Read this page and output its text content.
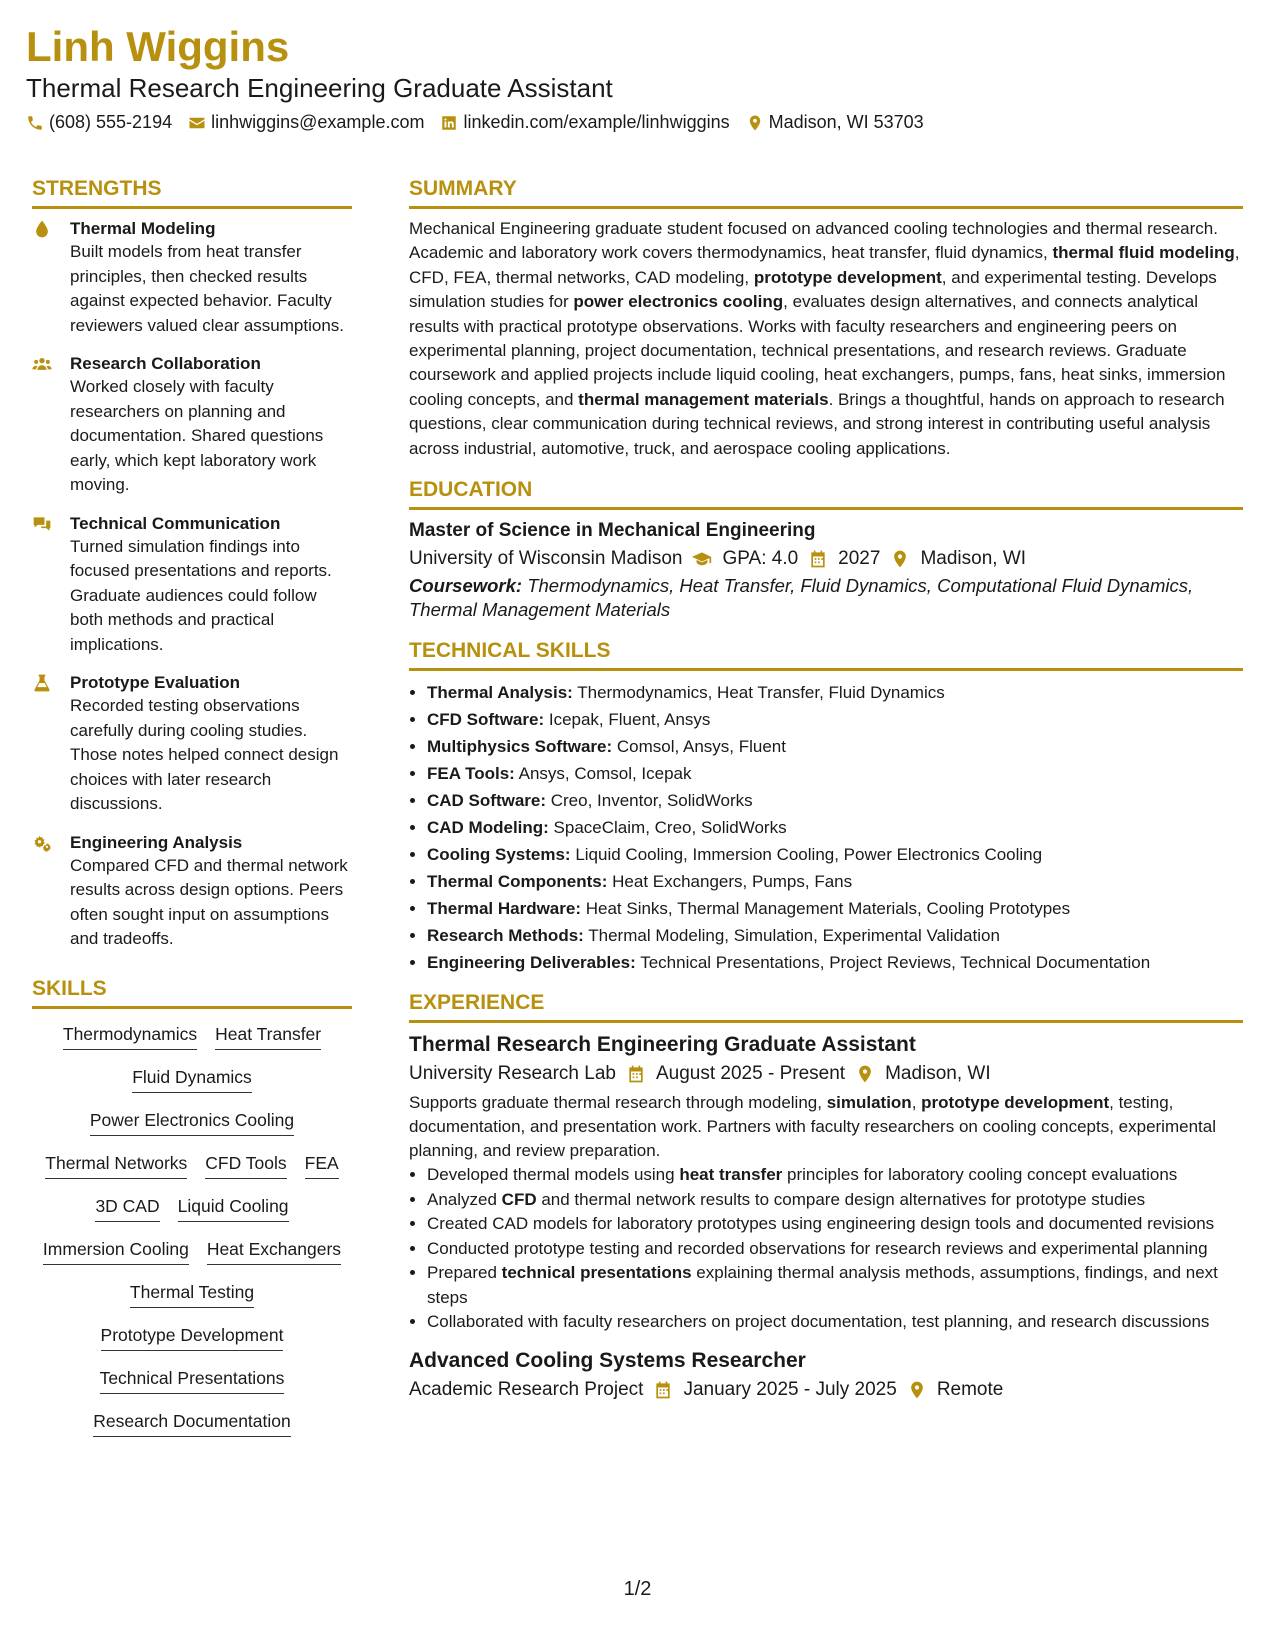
Linh Wiggins
Thermal Research Engineering Graduate Assistant
(608) 555-2194 linhwiggins@example.com linkedin.com/example/linhwiggins Madison, WI 53703
STRENGTHS
Thermal Modeling
Built models from heat transfer principles, then checked results against expected behavior. Faculty reviewers valued clear assumptions.
Research Collaboration
Worked closely with faculty researchers on planning and documentation. Shared questions early, which kept laboratory work moving.
Technical Communication
Turned simulation findings into focused presentations and reports. Graduate audiences could follow both methods and practical implications.
Prototype Evaluation
Recorded testing observations carefully during cooling studies. Those notes helped connect design choices with later research discussions.
Engineering Analysis
Compared CFD and thermal network results across design options. Peers often sought input on assumptions and tradeoffs.
SKILLS
Thermodynamics Heat Transfer
Fluid Dynamics
Power Electronics Cooling
Thermal Networks CFD Tools FEA
3D CAD Liquid Cooling
Immersion Cooling Heat Exchangers
Thermal Testing
Prototype Development
Technical Presentations
Research Documentation
SUMMARY
Mechanical Engineering graduate student focused on advanced cooling technologies and thermal research. Academic and laboratory work covers thermodynamics, heat transfer, fluid dynamics, thermal fluid modeling, CFD, FEA, thermal networks, CAD modeling, prototype development, and experimental testing. Develops simulation studies for power electronics cooling, evaluates design alternatives, and connects analytical results with practical prototype observations. Works with faculty researchers and engineering peers on experimental planning, project documentation, technical presentations, and research reviews. Graduate coursework and applied projects include liquid cooling, heat exchangers, pumps, fans, heat sinks, immersion cooling concepts, and thermal management materials. Brings a thoughtful, hands on approach to research questions, clear communication during technical reviews, and strong interest in contributing useful analysis across industrial, automotive, truck, and aerospace cooling applications.
EDUCATION
Master of Science in Mechanical Engineering
University of Wisconsin Madison GPA: 4.0 2027 Madison, WI
Coursework: Thermodynamics, Heat Transfer, Fluid Dynamics, Computational Fluid Dynamics, Thermal Management Materials
TECHNICAL SKILLS
• Thermal Analysis: Thermodynamics, Heat Transfer, Fluid Dynamics
• CFD Software: Icepak, Fluent, Ansys
• Multiphysics Software: Comsol, Ansys, Fluent
• FEA Tools: Ansys, Comsol, Icepak
• CAD Software: Creo, Inventor, SolidWorks
• CAD Modeling: SpaceClaim, Creo, SolidWorks
• Cooling Systems: Liquid Cooling, Immersion Cooling, Power Electronics Cooling
• Thermal Components: Heat Exchangers, Pumps, Fans
• Thermal Hardware: Heat Sinks, Thermal Management Materials, Cooling Prototypes
• Research Methods: Thermal Modeling, Simulation, Experimental Validation
• Engineering Deliverables: Technical Presentations, Project Reviews, Technical Documentation
EXPERIENCE
Thermal Research Engineering Graduate Assistant
University Research Lab August 2025 - Present Madison, WI
Supports graduate thermal research through modeling, simulation, prototype development, testing, documentation, and presentation work. Partners with faculty researchers on cooling concepts, experimental planning, and review preparation.
• Developed thermal models using heat transfer principles for laboratory cooling concept evaluations
• Analyzed CFD and thermal network results to compare design alternatives for prototype studies
• Created CAD models for laboratory prototypes using engineering design tools and documented revisions
• Conducted prototype testing and recorded observations for research reviews and experimental planning
• Prepared technical presentations explaining thermal analysis methods, assumptions, findings, and next steps
• Collaborated with faculty researchers on project documentation, test planning, and research discussions
Advanced Cooling Systems Researcher
Academic Research Project January 2025 - July 2025 Remote
1/2
